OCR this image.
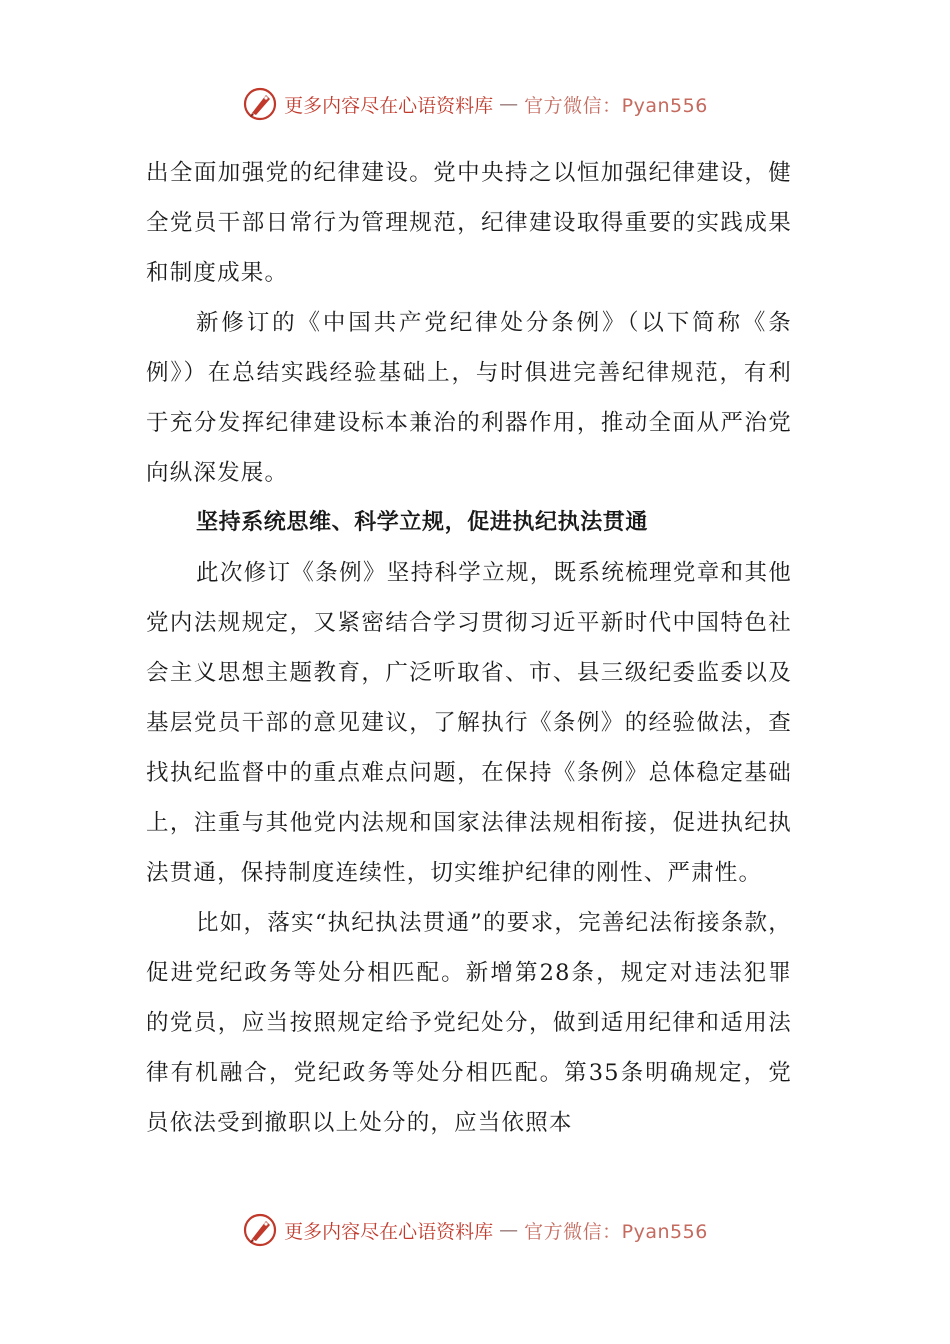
更多内容尽在心语资料库 — 官方微信：Pyan556

出全面加强党的纪律建设。党中央持之以恒加强纪律建设，健全党员干部日常行为管理规范，纪律建设取得重要的实践成果和制度成果。

新修订的《中国共产党纪律处分条例》（以下简称《条例》）在总结实践经验基础上，与时俱进完善纪律规范，有利于充分发挥纪律建设标本兼治的利器作用，推动全面从严治党向纵深发展。

坚持系统思维、科学立规，促进执纪执法贯通

此次修订《条例》坚持科学立规，既系统梳理党章和其他党内法规规定，又紧密结合学习贯彻习近平新时代中国特色社会主义思想主题教育，广泛听取省、市、县三级纪委监委以及基层党员干部的意见建议，了解执行《条例》的经验做法，查找执纪监督中的重点难点问题，在保持《条例》总体稳定基础上，注重与其他党内法规和国家法律法规相衔接，促进执纪执法贯通，保持制度连续性，切实维护纪律的刚性、严肃性。

比如，落实“执纪执法贯通”的要求，完善纪法衔接条款，促进党纪政务等处分相匹配。新增第28条，规定对违法犯罪的党员，应当按照规定给予党纪处分，做到适用纪律和适用法律有机融合，党纪政务等处分相匹配。第35条明确规定，党员依法受到撤职以上处分的，应当依照本

更多内容尽在心语资料库 — 官方微信：Pyan556
